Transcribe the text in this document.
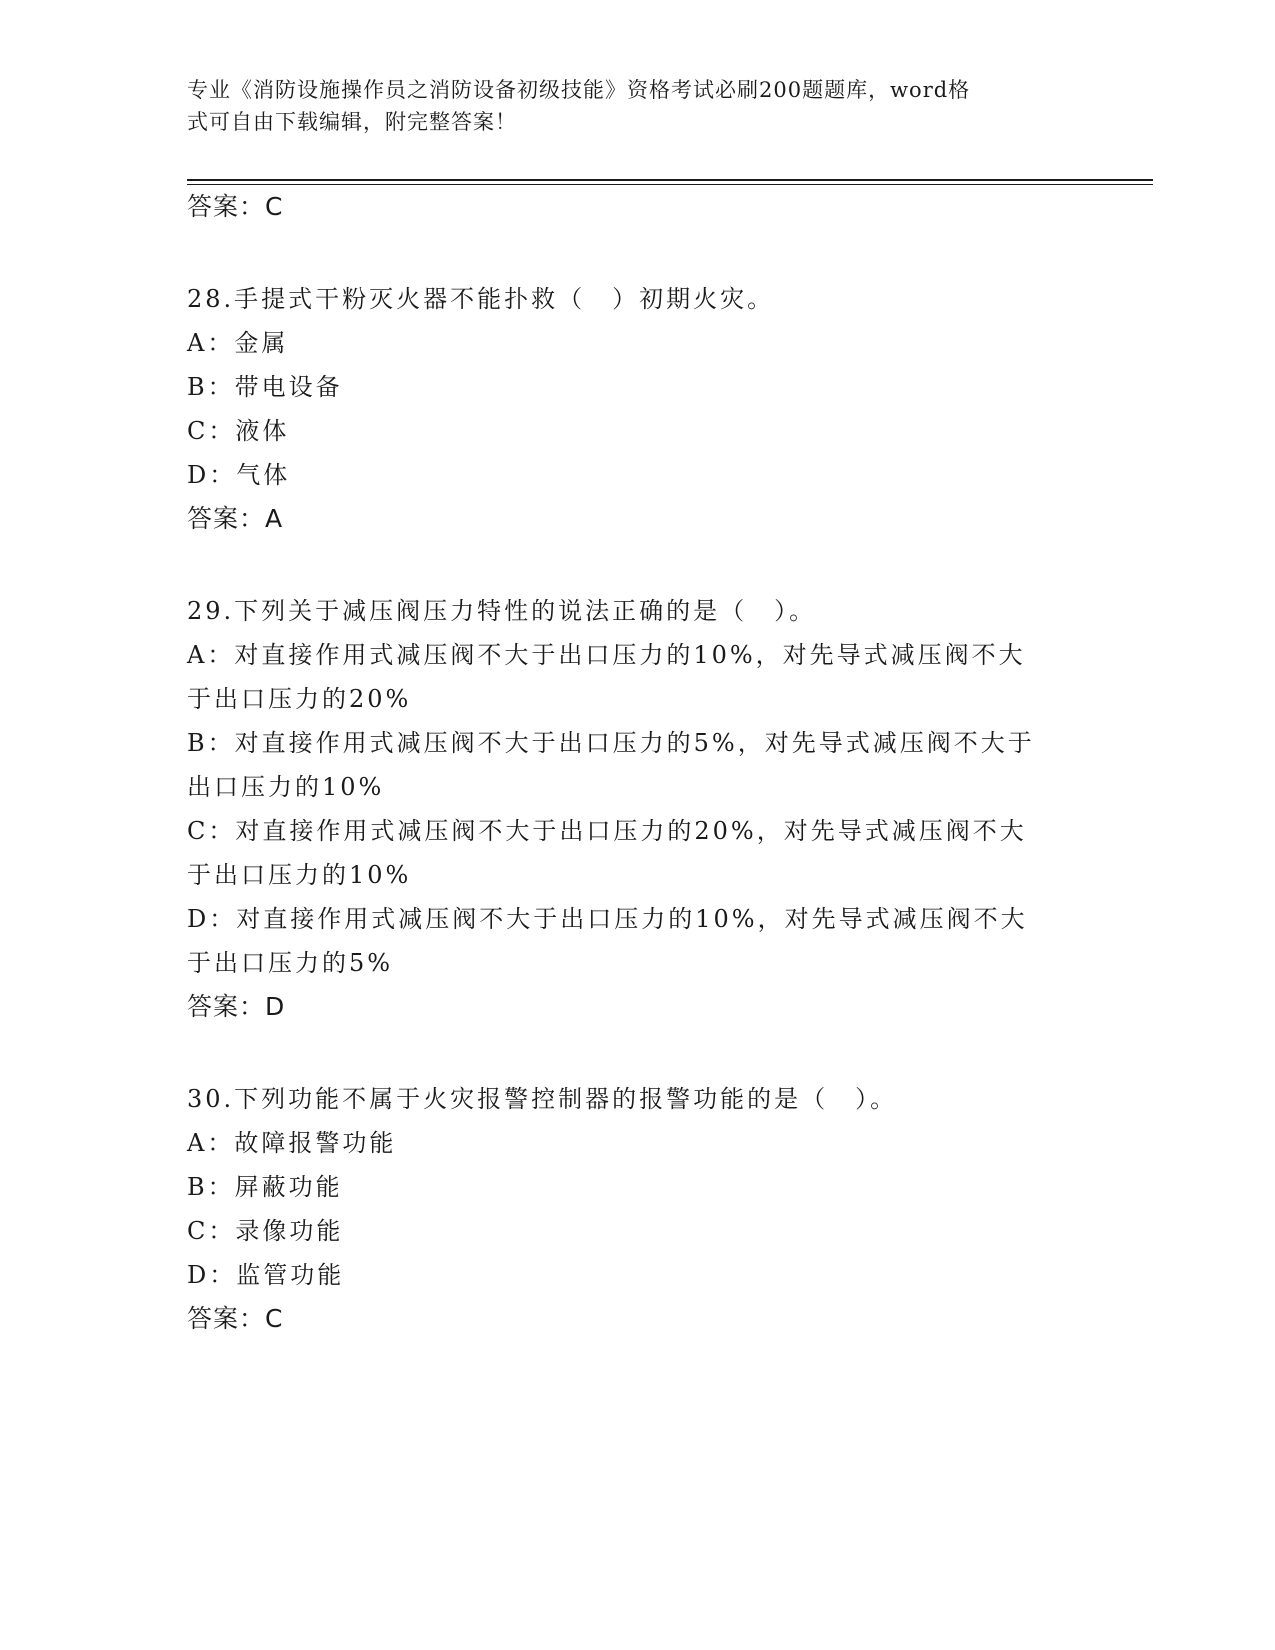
专业《消防设施操作员之消防设备初级技能》资格考试必刷200题题库，word格
式可自由下载编辑，附完整答案！
答案：C
28.手提式干粉灭火器不能扑救（　）初期火灾。
A：金属
B：带电设备
C：液体
D：气体
答案：A
29.下列关于减压阀压力特性的说法正确的是（　）。
A：对直接作用式减压阀不大于出口压力的10%，对先导式减压阀不大
于出口压力的20%
B：对直接作用式减压阀不大于出口压力的5%，对先导式减压阀不大于
出口压力的10%
C：对直接作用式减压阀不大于出口压力的20%，对先导式减压阀不大
于出口压力的10%
D：对直接作用式减压阀不大于出口压力的10%，对先导式减压阀不大
于出口压力的5%
答案：D
30.下列功能不属于火灾报警控制器的报警功能的是（　）。
A：故障报警功能
B：屏蔽功能
C：录像功能
D：监管功能
答案：C
